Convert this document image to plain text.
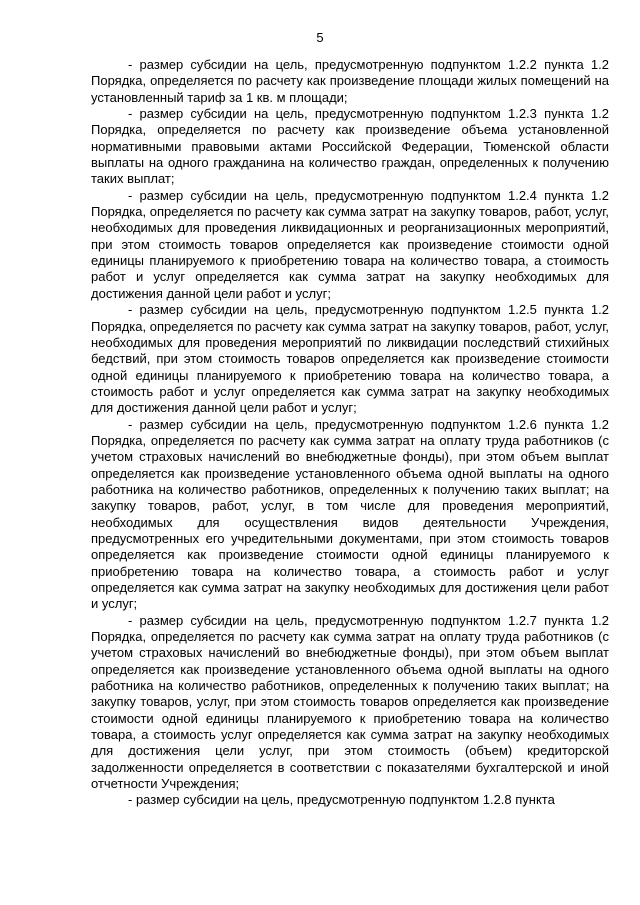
5

- размер субсидии на цель, предусмотренную подпунктом 1.2.2 пункта 1.2 Порядка, определяется по расчету как произведение площади жилых помещений на установленный тариф за 1 кв. м площади;

- размер субсидии на цель, предусмотренную подпунктом 1.2.3 пункта 1.2 Порядка, определяется по расчету как произведение объема установленной нормативными правовыми актами Российской Федерации, Тюменской области выплаты на одного гражданина на количество граждан, определенных к получению таких выплат;

- размер субсидии на цель, предусмотренную подпунктом 1.2.4 пункта 1.2 Порядка, определяется по расчету как сумма затрат на закупку товаров, работ, услуг, необходимых для проведения ликвидационных и реорганизационных мероприятий, при этом стоимость товаров определяется как произведение стоимости одной единицы планируемого к приобретению товара на количество товара, а стоимость работ и услуг определяется как сумма затрат на закупку необходимых для достижения данной цели работ и услуг;

- размер субсидии на цель, предусмотренную подпунктом 1.2.5 пункта 1.2 Порядка, определяется по расчету как сумма затрат на закупку товаров, работ, услуг, необходимых для проведения мероприятий по ликвидации последствий стихийных бедствий, при этом стоимость товаров определяется как произведение стоимости одной единицы планируемого к приобретению товара на количество товара, а стоимость работ и услуг определяется как сумма затрат на закупку необходимых для достижения данной цели работ и услуг;

- размер субсидии на цель, предусмотренную подпунктом 1.2.6 пункта 1.2 Порядка, определяется по расчету как сумма затрат на оплату труда работников (с учетом страховых начислений во внебюджетные фонды), при этом объем выплат определяется как произведение установленного объема одной выплаты на одного работника на количество работников, определенных к получению таких выплат; на закупку товаров, работ, услуг, в том числе для проведения мероприятий, необходимых для осуществления видов деятельности Учреждения, предусмотренных его учредительными документами, при этом стоимость товаров определяется как произведение стоимости одной единицы планируемого к приобретению товара на количество товара, а стоимость работ и услуг определяется как сумма затрат на закупку необходимых для достижения цели работ и услуг;

- размер субсидии на цель, предусмотренную подпунктом 1.2.7 пункта 1.2 Порядка, определяется по расчету как сумма затрат на оплату труда работников (с учетом страховых начислений во внебюджетные фонды), при этом объем выплат определяется как произведение установленного объема одной выплаты на одного работника на количество работников, определенных к получению таких выплат; на закупку товаров, услуг, при этом стоимость товаров определяется как произведение стоимости одной единицы планируемого к приобретению товара на количество товара, а стоимость услуг определяется как сумма затрат на закупку необходимых для достижения цели услуг, при этом стоимость (объем) кредиторской задолженности определяется в соответствии с показателями бухгалтерской и иной отчетности Учреждения;

- размер субсидии на цель, предусмотренную подпунктом 1.2.8 пункта
